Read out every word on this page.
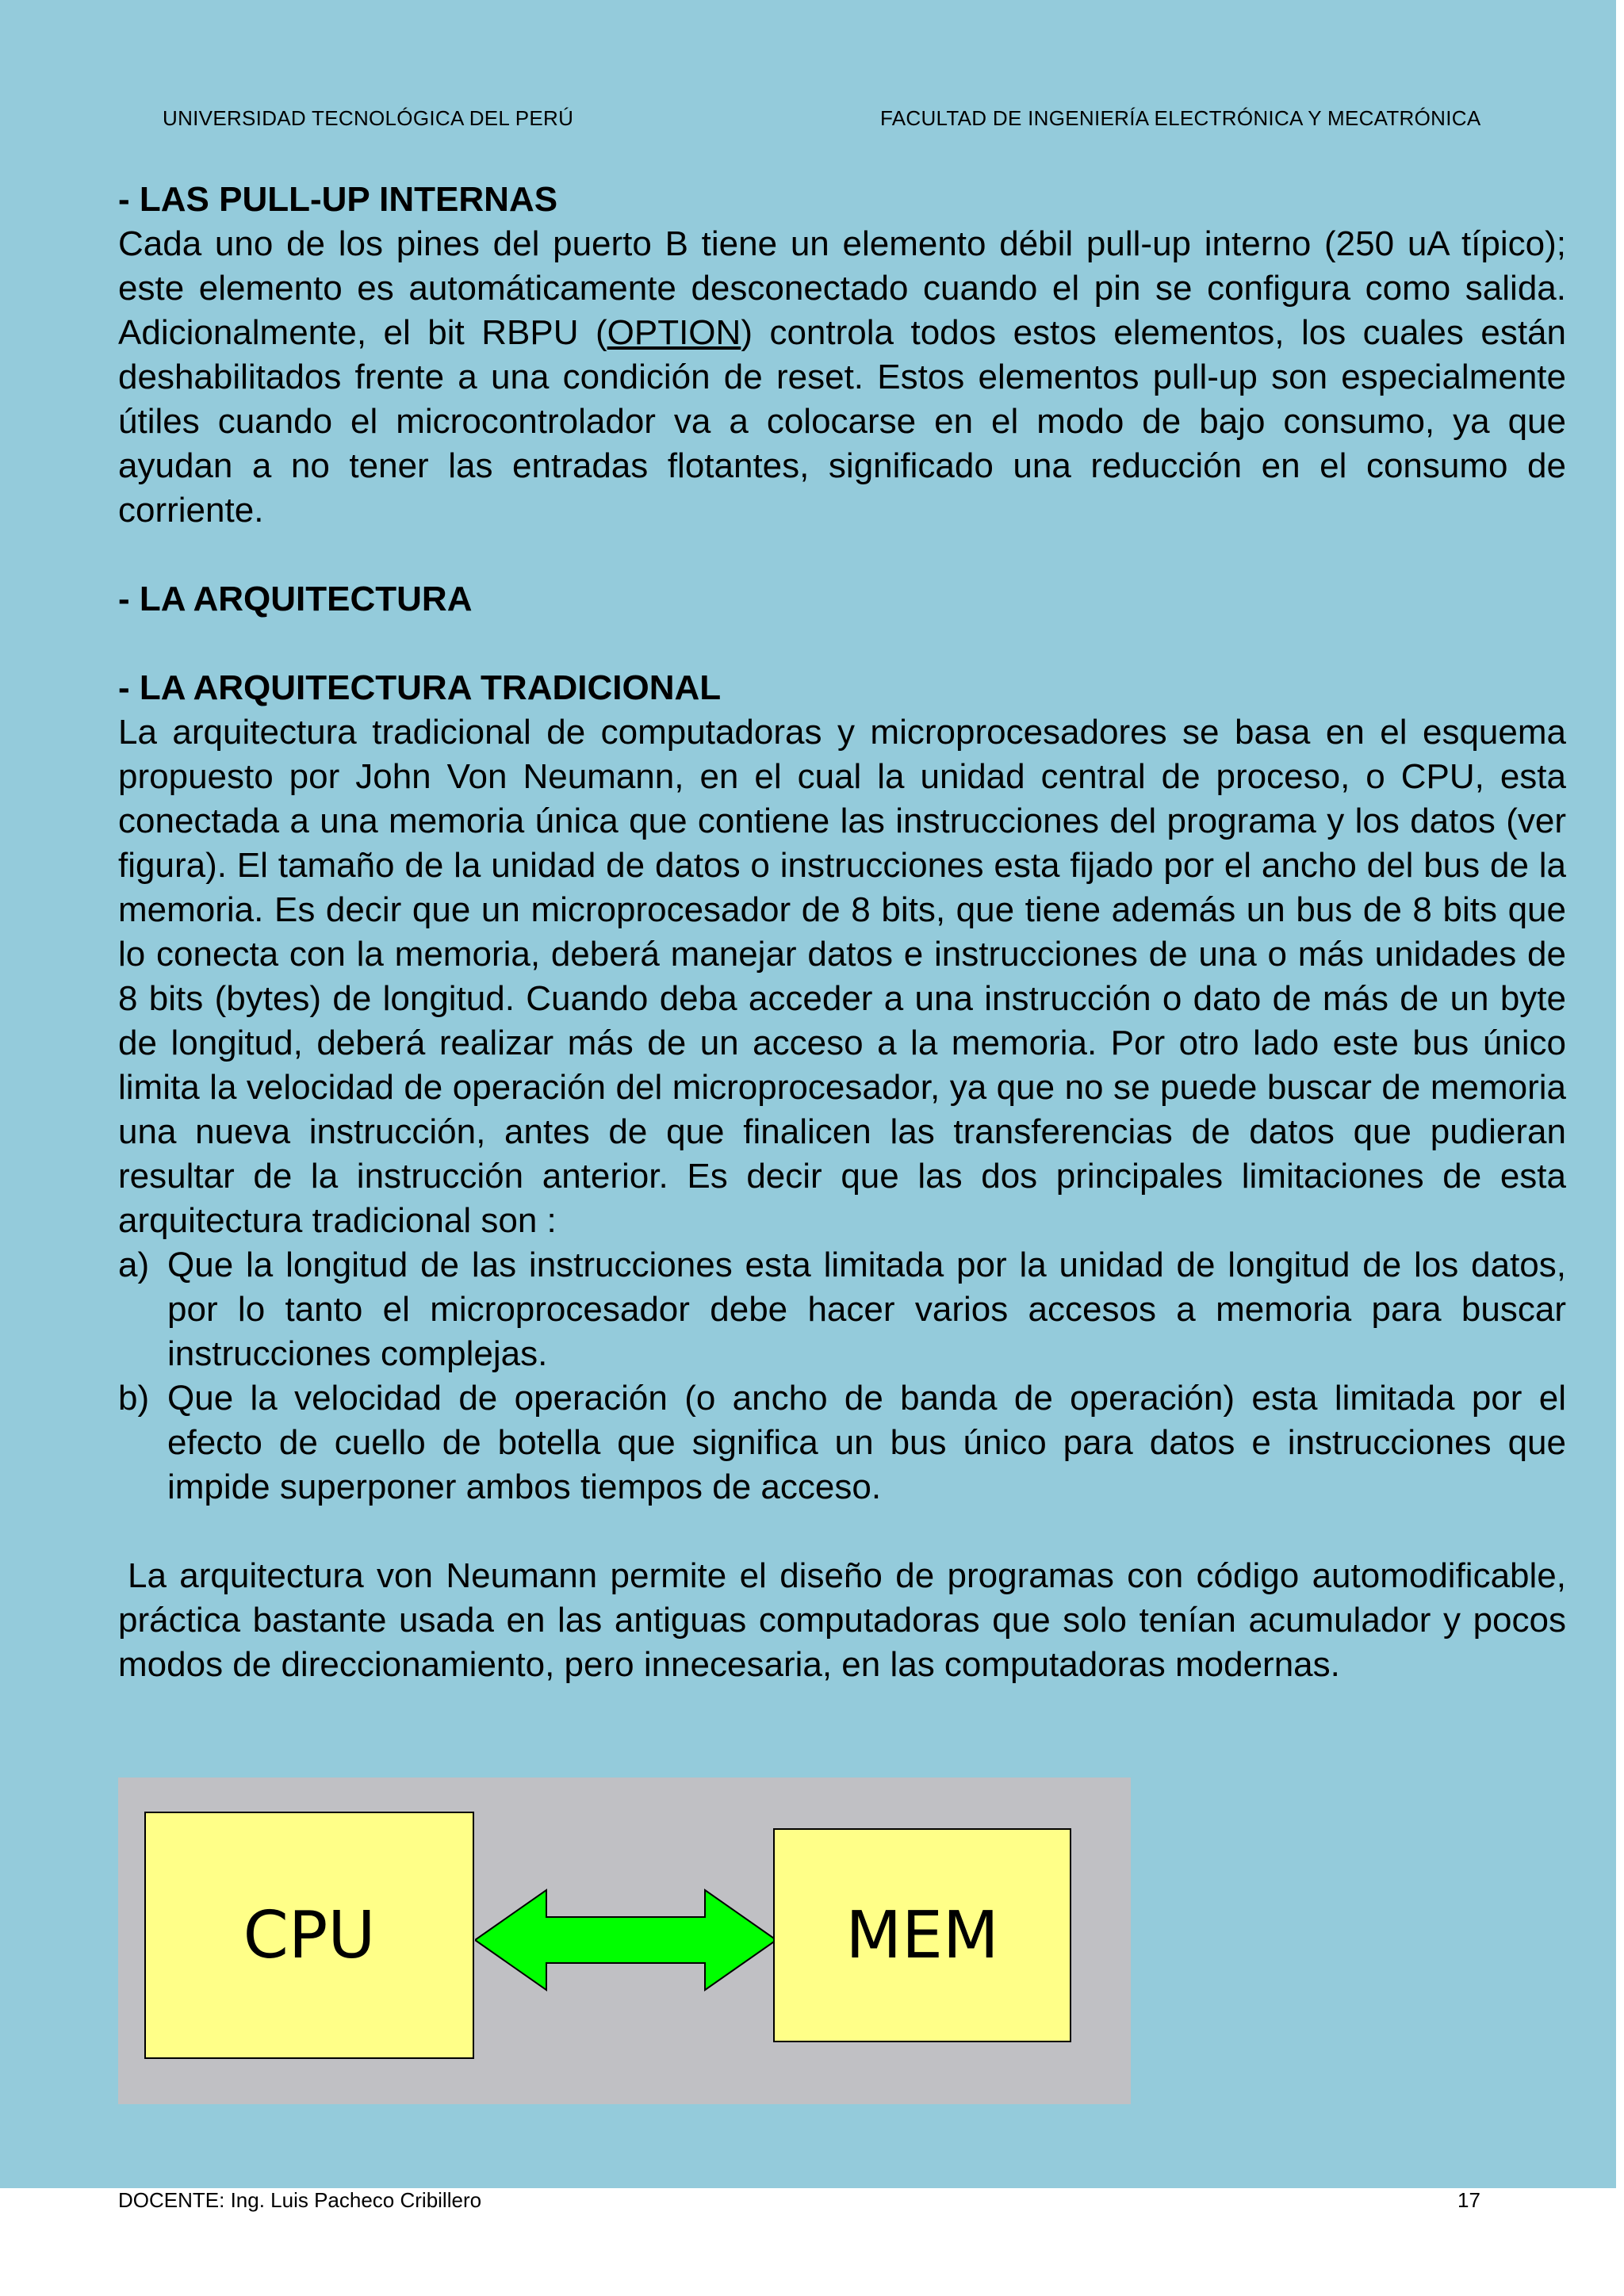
UNIVERSIDAD TECNOLÓGICA DEL PERÚ	FACULTAD DE INGENIERÍA ELECTRÓNICA Y MECATRÓNICA

- LAS PULL-UP INTERNAS

Cada uno de los pines del puerto B tiene un elemento débil pull-up interno (250 uA típico); este elemento es automáticamente desconectado cuando el pin se configura como salida. Adicionalmente, el bit RBPU (OPTION) controla todos estos elementos, los cuales están deshabilitados frente a una condición de reset. Estos elementos pull-up son especialmente útiles cuando el microcontrolador va a colocarse en el modo de bajo consumo, ya que ayudan a no tener las entradas flotantes, significado una reducción en el consumo de corriente.

- LA ARQUITECTURA

- LA ARQUITECTURA TRADICIONAL

La arquitectura tradicional de computadoras y microprocesadores se basa en el esquema propuesto por John Von Neumann, en el cual la unidad central de proceso, o CPU, esta conectada a una memoria única que contiene las instrucciones del programa y los datos (ver figura). El tamaño de la unidad de datos o instrucciones esta fijado por el ancho del bus de la memoria. Es decir que un microprocesador de 8 bits, que tiene además un bus de 8 bits que lo conecta con la memoria, deberá manejar datos e instrucciones de una o más unidades de 8 bits (bytes) de longitud. Cuando deba acceder a una instrucción o dato de más de un byte de longitud, deberá realizar más de un acceso a la memoria. Por otro lado este bus único limita la velocidad de operación del microprocesador, ya que no se puede buscar de memoria una nueva instrucción, antes de que finalicen las transferencias de datos que pudieran resultar de la instrucción anterior. Es decir que las dos principales limitaciones de esta arquitectura tradicional son :

a) Que la longitud de las instrucciones esta limitada por la unidad de longitud de los datos, por lo tanto el microprocesador debe hacer varios accesos a memoria para buscar instrucciones complejas.
b) Que la velocidad de operación (o ancho de banda de operación) esta limitada por el efecto de cuello de botella que significa un bus único para datos e instrucciones que impide superponer ambos tiempos de acceso.

La arquitectura von Neumann permite el diseño de programas con código automodificable, práctica bastante usada en las antiguas computadoras que solo tenían acumulador y pocos modos de direccionamiento, pero innecesaria, en las computadoras modernas.

CPU	MEM
DOCENTE: Ing. Luis Pacheco Cribillero	17
